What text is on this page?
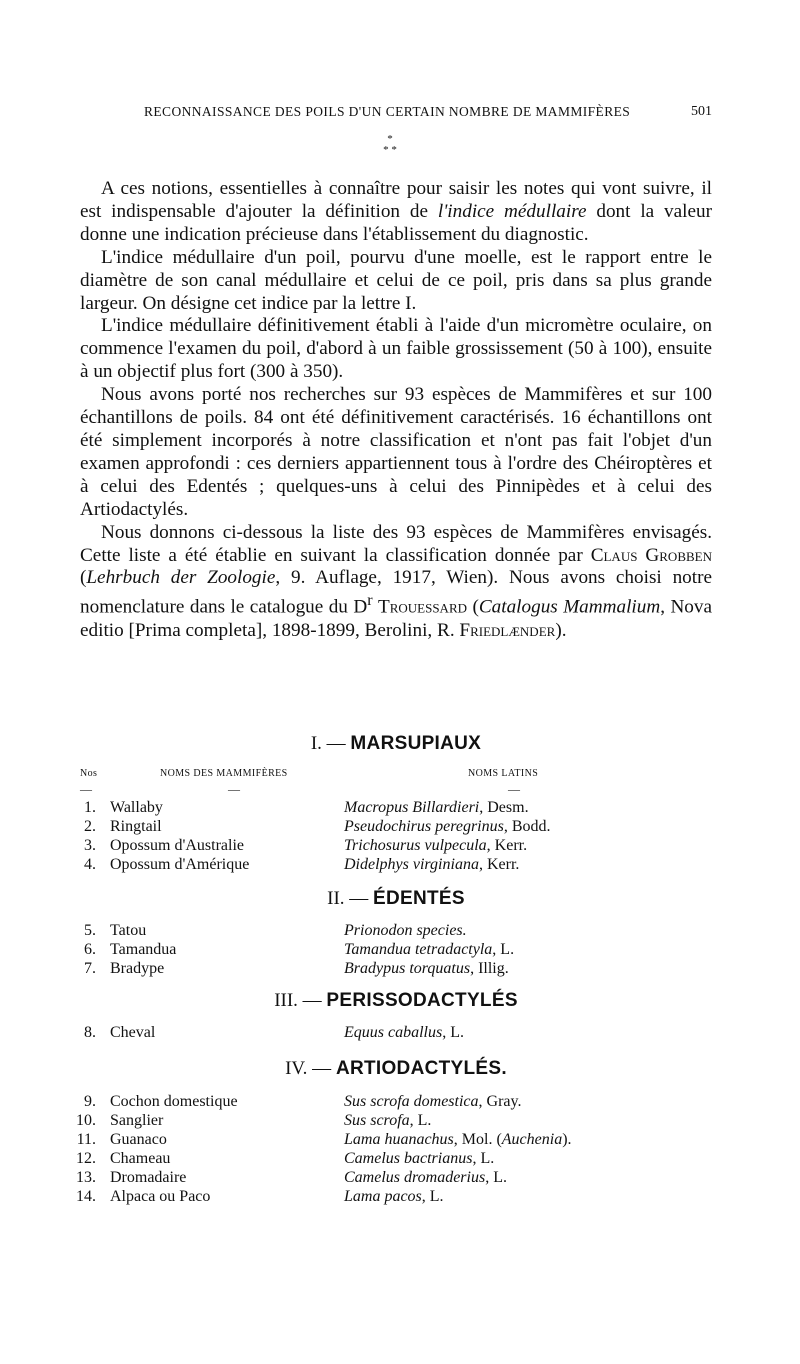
RECONNAISSANCE DES POILS D'UN CERTAIN NOMBRE DE MAMMIFÈRES	501
*
* *

A ces notions, essentielles à connaître pour saisir les notes qui vont suivre, il est indispensable d'ajouter la définition de l'indice médullaire dont la valeur donne une indication précieuse dans l'établissement du diagnostic.

L'indice médullaire d'un poil, pourvu d'une moelle, est le rapport entre le diamètre de son canal médullaire et celui de ce poil, pris dans sa plus grande largeur. On désigne cet indice par la lettre I.

L'indice médullaire définitivement établi à l'aide d'un micromètre oculaire, on commence l'examen du poil, d'abord à un faible grossissement (50 à 100), ensuite à un objectif plus fort (300 à 350).

Nous avons porté nos recherches sur 93 espèces de Mammifères et sur 100 échantillons de poils. 84 ont été définitivement caractérisés. 16 échantillons ont été simplement incorporés à notre classification et n'ont pas fait l'objet d'un examen approfondi : ces derniers appartiennent tous à l'ordre des Chéiroptères et à celui des Edentés ; quelques-uns à celui des Pinnipèdes et à celui des Artiodactylés.

Nous donnons ci-dessous la liste des 93 espèces de Mammifères envisagés. Cette liste a été établie en suivant la classification donnée par Claus Grobben (Lehrbuch der Zoologie, 9. Auflage, 1917, Wien). Nous avons choisi notre nomenclature dans le catalogue du $D^r$ Trouessard (Catalogus Mammalium, Nova editio [Prima completa], 1898-1899, Berolini, R. Friedlænder).

I. — MARSUPIAUX
Nos	NOMS DES MAMMIFÈRES	NOMS LATINS
—	—	—
1. Wallaby	Macropus Billardieri, Desm.
2. Ringtail	Pseudochirus peregrinus, Bodd.
3. Opossum d'Australie	Trichosurus vulpecula, Kerr.
4. Opossum d'Amérique	Didelphys virginiana, Kerr.
II. — ÉDENTÉS
5. Tatou	Prionodon species.
6. Tamandua	Tamandua tetradactyla, L.
7. Bradype	Bradypus torquatus, Illig.
III. — PERISSODACTYLÉS
8. Cheval	Equus caballus, L.
IV. — ARTIODACTYLÉS.
9. Cochon domestique	Sus scrofa domestica, Gray.
10. Sanglier	Sus scrofa, L.
11. Guanaco	Lama huanachus, Mol. (Auchenia).
12. Chameau	Camelus bactrianus, L.
13. Dromadaire	Camelus dromaderius, L.
14. Alpaca ou Paco	Lama pacos, L.
